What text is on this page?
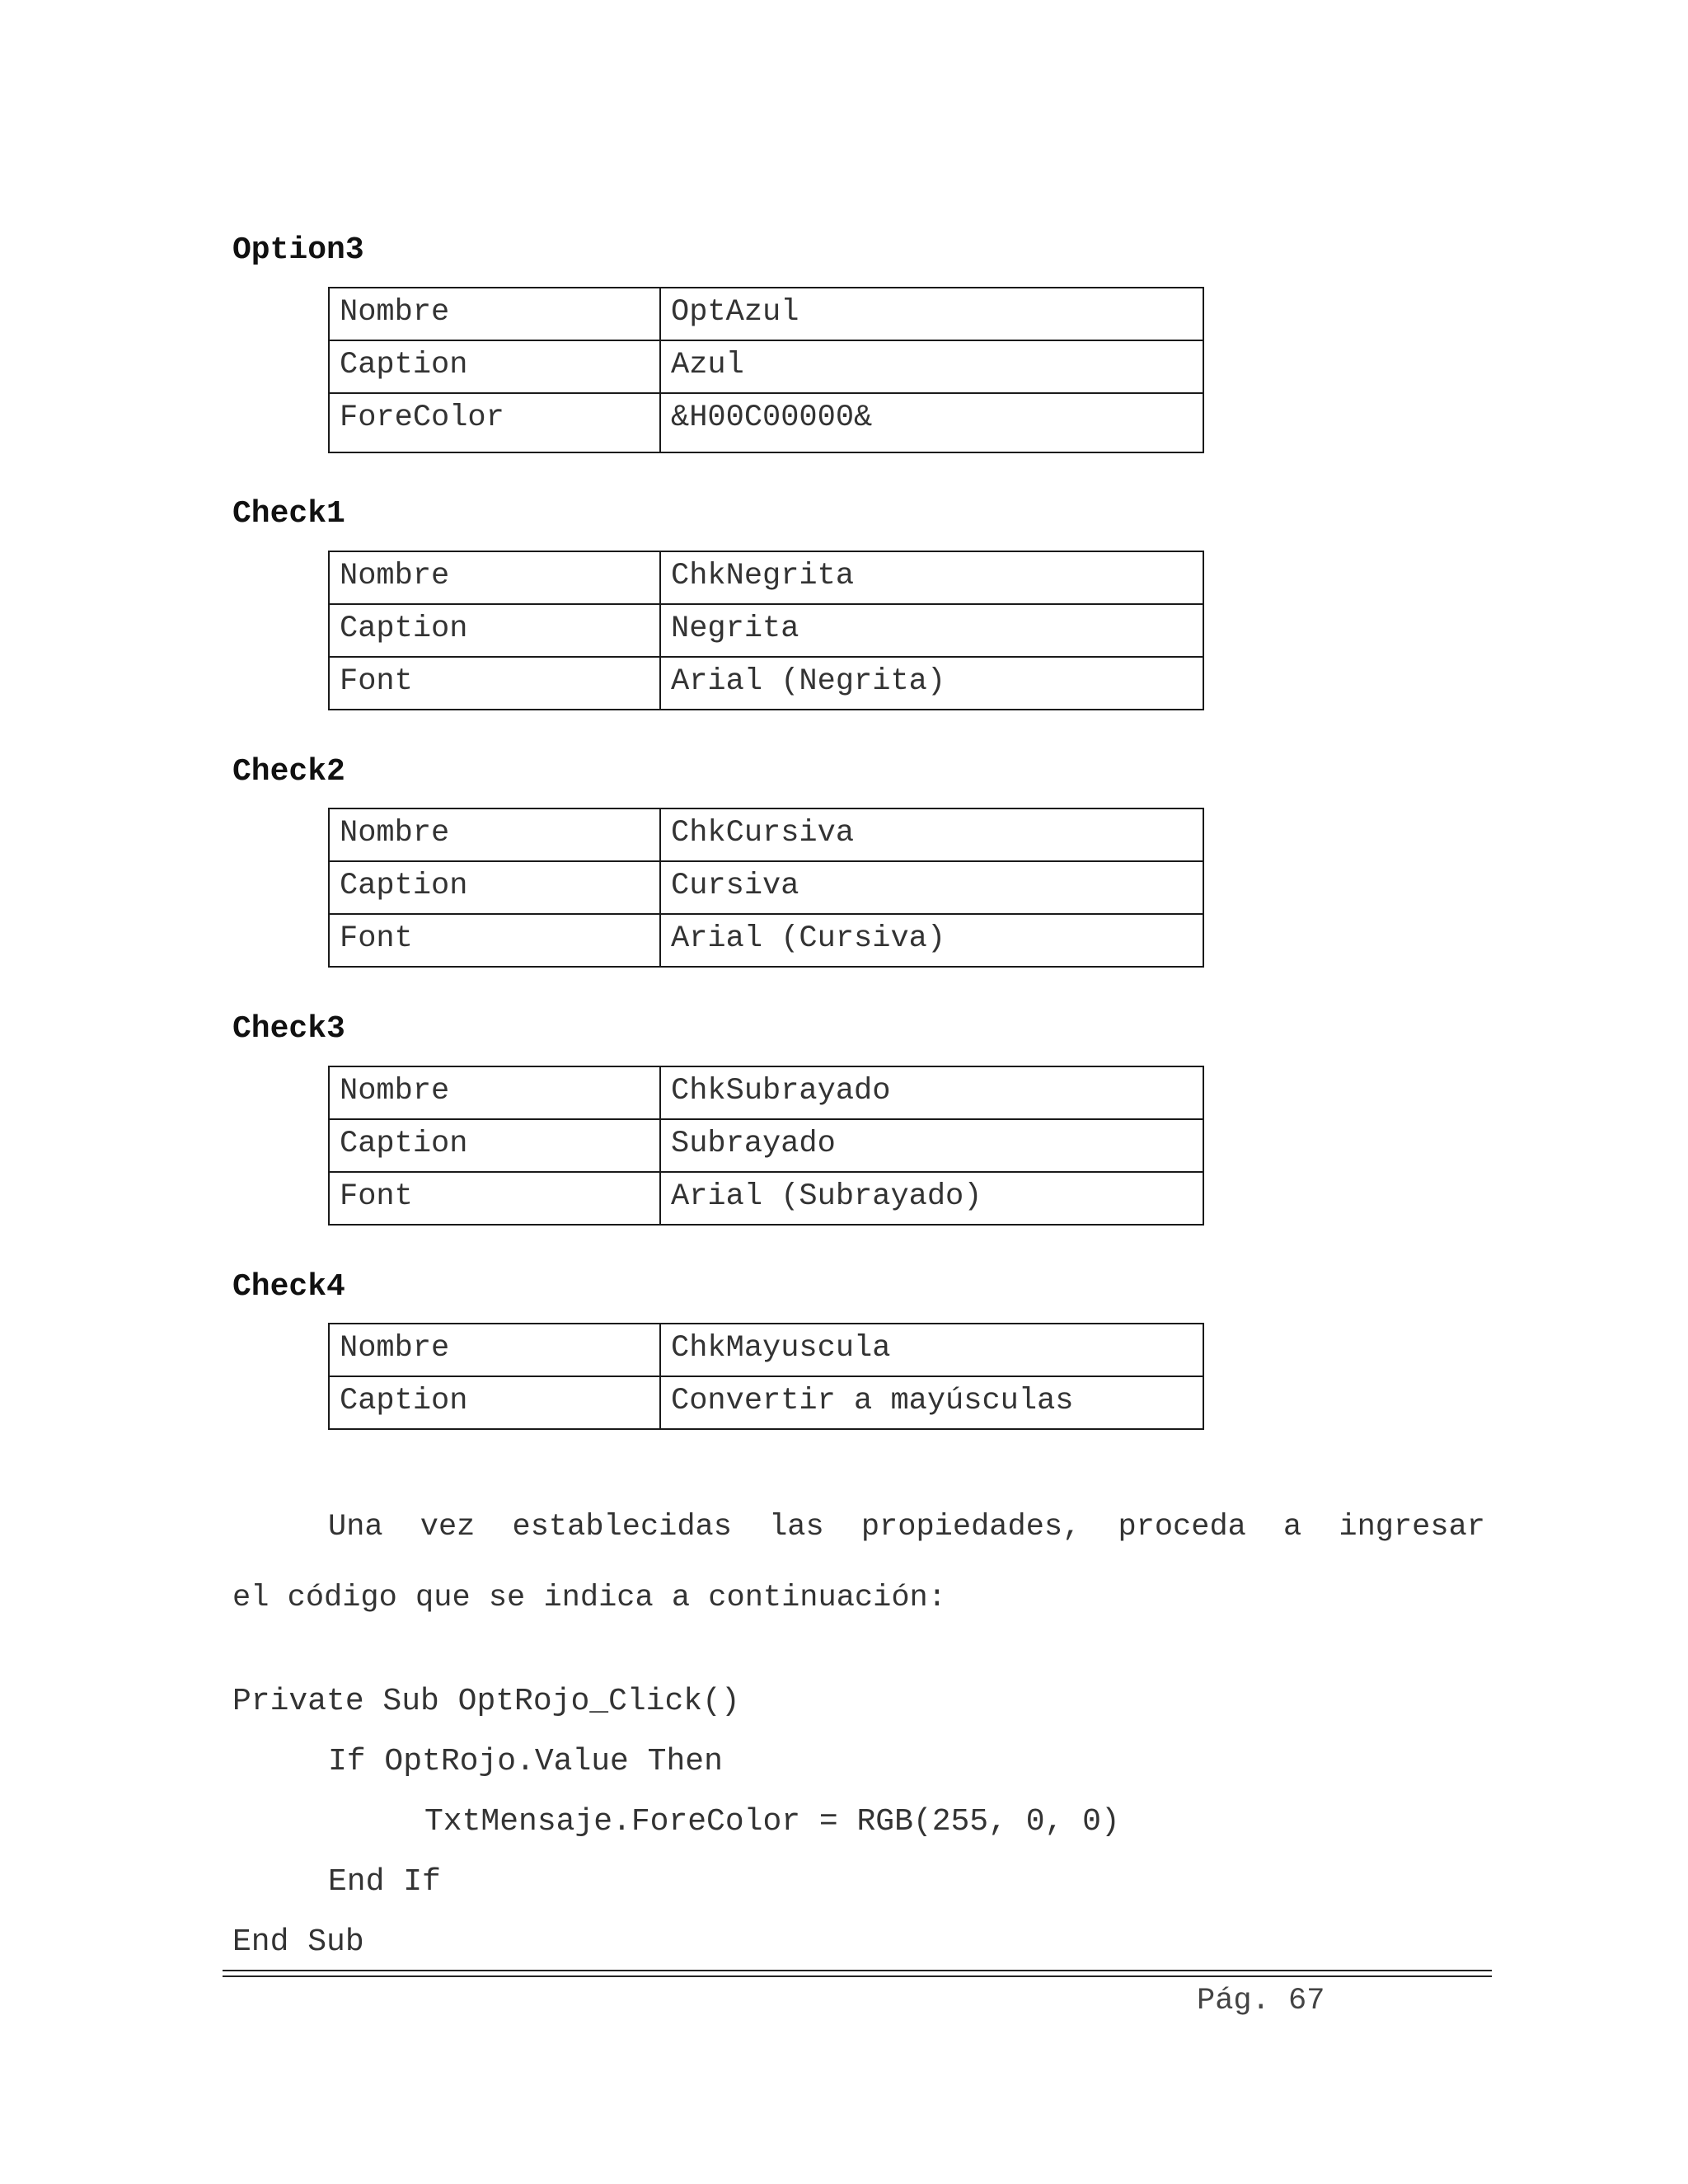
Option3
Nombre	OptAzul
Caption	Azul
ForeColor	&H00C00000&
Check1
Nombre	ChkNegrita
Caption	Negrita
Font	Arial (Negrita)
Check2
Nombre	ChkCursiva
Caption	Cursiva
Font	Arial (Cursiva)
Check3
Nombre	ChkSubrayado
Caption	Subrayado
Font	Arial (Subrayado)
Check4
Nombre	ChkMayuscula
Caption	Convertir a mayúsculas

Una vez establecidas las propiedades, proceda a ingresar
el código que se indica a continuación:

Private Sub OptRojo_Click()
If OptRojo.Value Then
TxtMensaje.ForeColor = RGB(255, 0, 0)
End If
End Sub
Pág. 67
